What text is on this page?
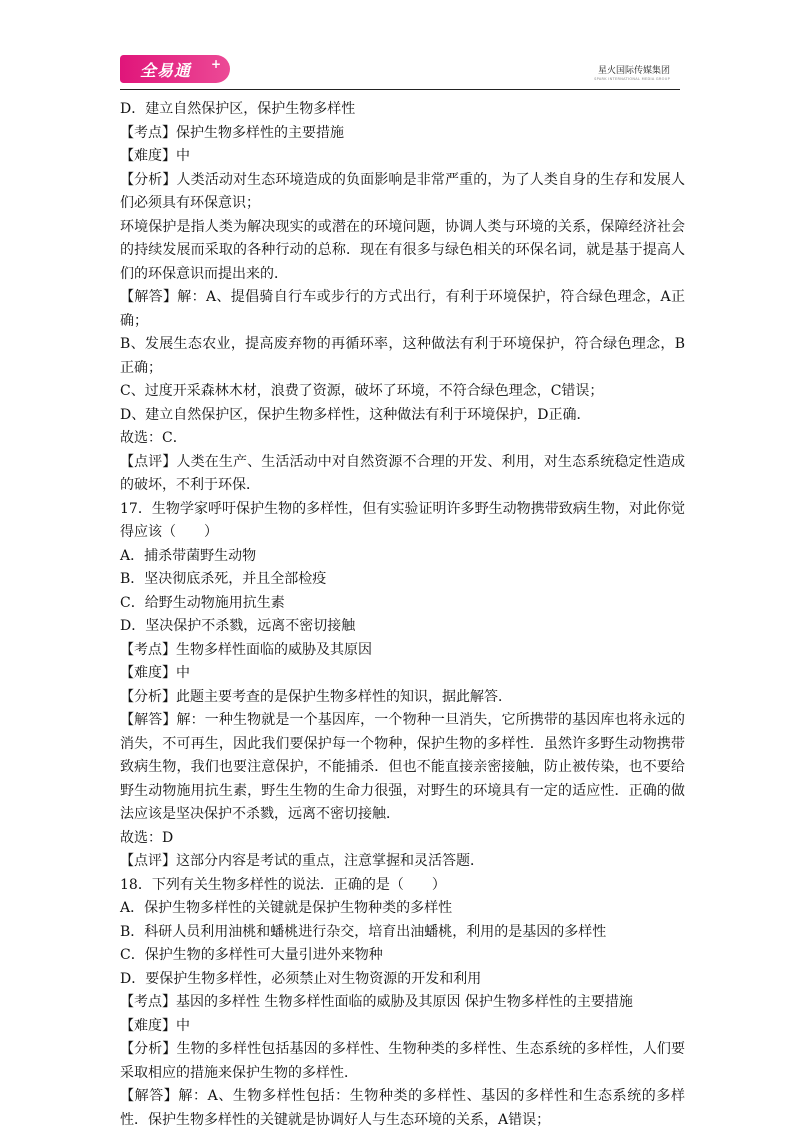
全易通 +	星火国际传媒集团
SPARK INTERNATIONAL MEDIA GROUP

D．建立自然保护区，保护生物多样性

【考点】保护生物多样性的主要措施

【难度】中

【分析】人类活动对生态环境造成的负面影响是非常严重的，为了人类自身的生存和发展人们必须具有环保意识；

环境保护是指人类为解决现实的或潜在的环境问题，协调人类与环境的关系，保障经济社会的持续发展而采取的各种行动的总称．现在有很多与绿色相关的环保名词，就是基于提高人们的环保意识而提出来的．

【解答】解：A、提倡骑自行车或步行的方式出行，有利于环境保护，符合绿色理念，A正确；

B、发展生态农业，提高废弃物的再循环率，这种做法有利于环境保护，符合绿色理念，B正确；

C、过度开采森林木材，浪费了资源，破坏了环境，不符合绿色理念，C错误；

D、建立自然保护区，保护生物多样性，这种做法有利于环境保护，D正确．

故选：C．

【点评】人类在生产、生活活动中对自然资源不合理的开发、利用，对生态系统稳定性造成的破坏，不利于环保．

17．生物学家呼吁保护生物的多样性，但有实验证明许多野生动物携带致病生物，对此你觉得应该（　　）

A．捕杀带菌野生动物

B．坚决彻底杀死，并且全部检疫

C．给野生动物施用抗生素

D．坚决保护不杀戮，远离不密切接触

【考点】生物多样性面临的威胁及其原因

【难度】中

【分析】此题主要考查的是保护生物多样性的知识，据此解答．

【解答】解：一种生物就是一个基因库，一个物种一旦消失，它所携带的基因库也将永远的消失，不可再生，因此我们要保护每一个物种，保护生物的多样性．虽然许多野生动物携带致病生物，我们也要注意保护，不能捕杀．但也不能直接亲密接触，防止被传染，也不要给野生动物施用抗生素，野生生物的生命力很强，对野生的环境具有一定的适应性．正确的做法应该是坚决保护不杀戮，远离不密切接触．

故选：D

【点评】这部分内容是考试的重点，注意掌握和灵活答题．

18．下列有关生物多样性的说法．正确的是（　　）

A．保护生物多样性的关键就是保护生物种类的多样性

B．科研人员利用油桃和蟠桃进行杂交，培育出油蟠桃，利用的是基因的多样性

C．保护生物的多样性可大量引进外来物种

D．要保护生物多样性，必须禁止对生物资源的开发和利用

【考点】基因的多样性 生物多样性面临的威胁及其原因 保护生物多样性的主要措施

【难度】中

【分析】生物的多样性包括基因的多样性、生物种类的多样性、生态系统的多样性，人们要采取相应的措施来保护生物的多样性．

【解答】解：A、生物多样性包括：生物种类的多样性、基因的多样性和生态系统的多样性．保护生物多样性的关键就是协调好人与生态环境的关系，A错误；
